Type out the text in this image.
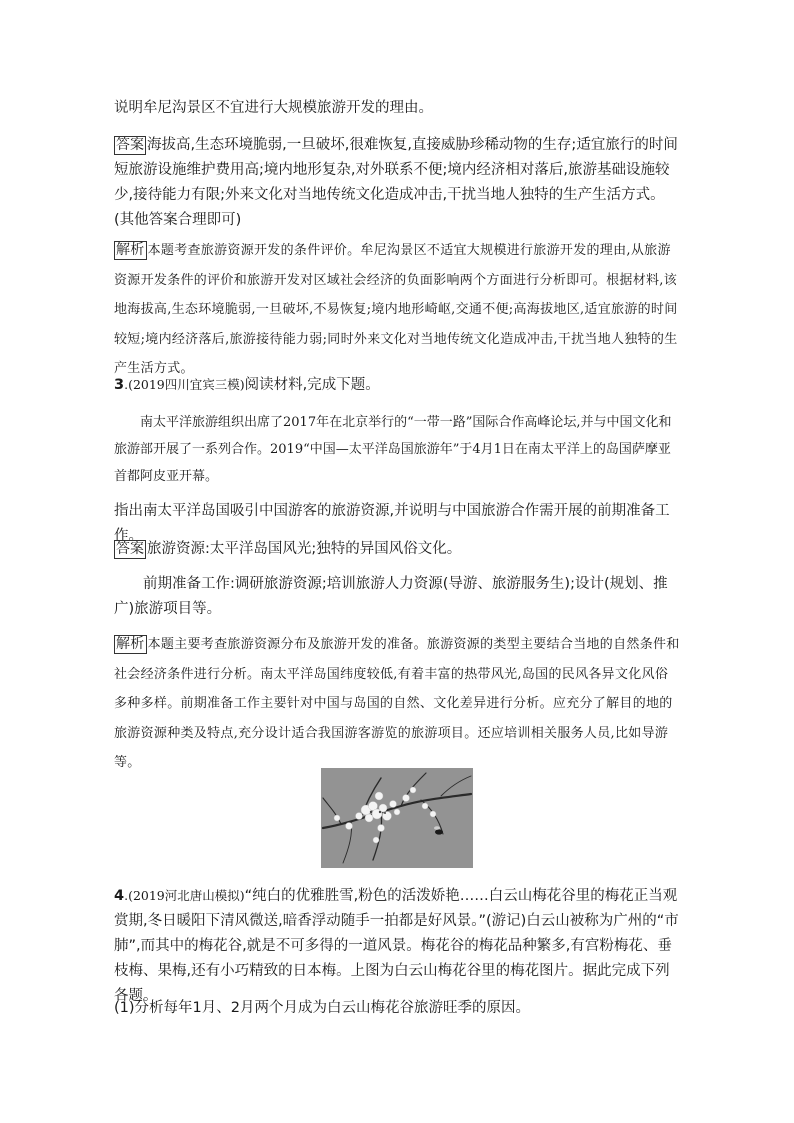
说明牟尼沟景区不宜进行大规模旅游开发的理由。

答案 海拔高,生态环境脆弱,一旦破坏,很难恢复,直接威胁珍稀动物的生存;适宜旅行的时间短旅游设施维护费用高;境内地形复杂,对外联系不便;境内经济相对落后,旅游基础设施较少,接待能力有限;外来文化对当地传统文化造成冲击,干扰当地人独特的生产生活方式。(其他答案合理即可)

解析 本题考查旅游资源开发的条件评价。牟尼沟景区不适宜大规模进行旅游开发的理由,从旅游资源开发条件的评价和旅游开发对区域社会经济的负面影响两个方面进行分析即可。根据材料,该地海拔高,生态环境脆弱,一旦破坏,不易恢复;境内地形崎岖,交通不便;高海拔地区,适宜旅游的时间较短;境内经济落后,旅游接待能力弱;同时外来文化对当地传统文化造成冲击,干扰当地人独特的生产生活方式。

3.(2019四川宜宾三模)阅读材料,完成下题。

南太平洋旅游组织出席了2017年在北京举行的“一带一路”国际合作高峰论坛,并与中国文化和旅游部开展了一系列合作。2019“中国—太平洋岛国旅游年”于4月1日在南太平洋上的岛国萨摩亚首都阿皮亚开幕。

指出南太平洋岛国吸引中国游客的旅游资源,并说明与中国旅游合作需开展的前期准备工作。

答案 旅游资源:太平洋岛国风光;独特的异国风俗文化。

前期准备工作:调研旅游资源;培训旅游人力资源(导游、旅游服务生);设计(规划、推广)旅游项目等。

解析 本题主要考查旅游资源分布及旅游开发的准备。旅游资源的类型主要结合当地的自然条件和社会经济条件进行分析。南太平洋岛国纬度较低,有着丰富的热带风光,岛国的民风各异文化风俗多种多样。前期准备工作主要针对中国与岛国的自然、文化差异进行分析。应充分了解目的地的旅游资源种类及特点,充分设计适合我国游客游览的旅游项目。还应培训相关服务人员,比如导游等。

4.(2019河北唐山模拟)“纯白的优雅胜雪,粉色的活泼娇艳……白云山梅花谷里的梅花正当观赏期,冬日暖阳下清风微送,暗香浮动随手一拍都是好风景。”(游记)白云山被称为广州的“市肺”,而其中的梅花谷,就是不可多得的一道风景。梅花谷的梅花品种繁多,有宫粉梅花、垂枝梅、果梅,还有小巧精致的日本梅。上图为白云山梅花谷里的梅花图片。据此完成下列各题。

(1)分析每年1月、2月两个月成为白云山梅花谷旅游旺季的原因。
